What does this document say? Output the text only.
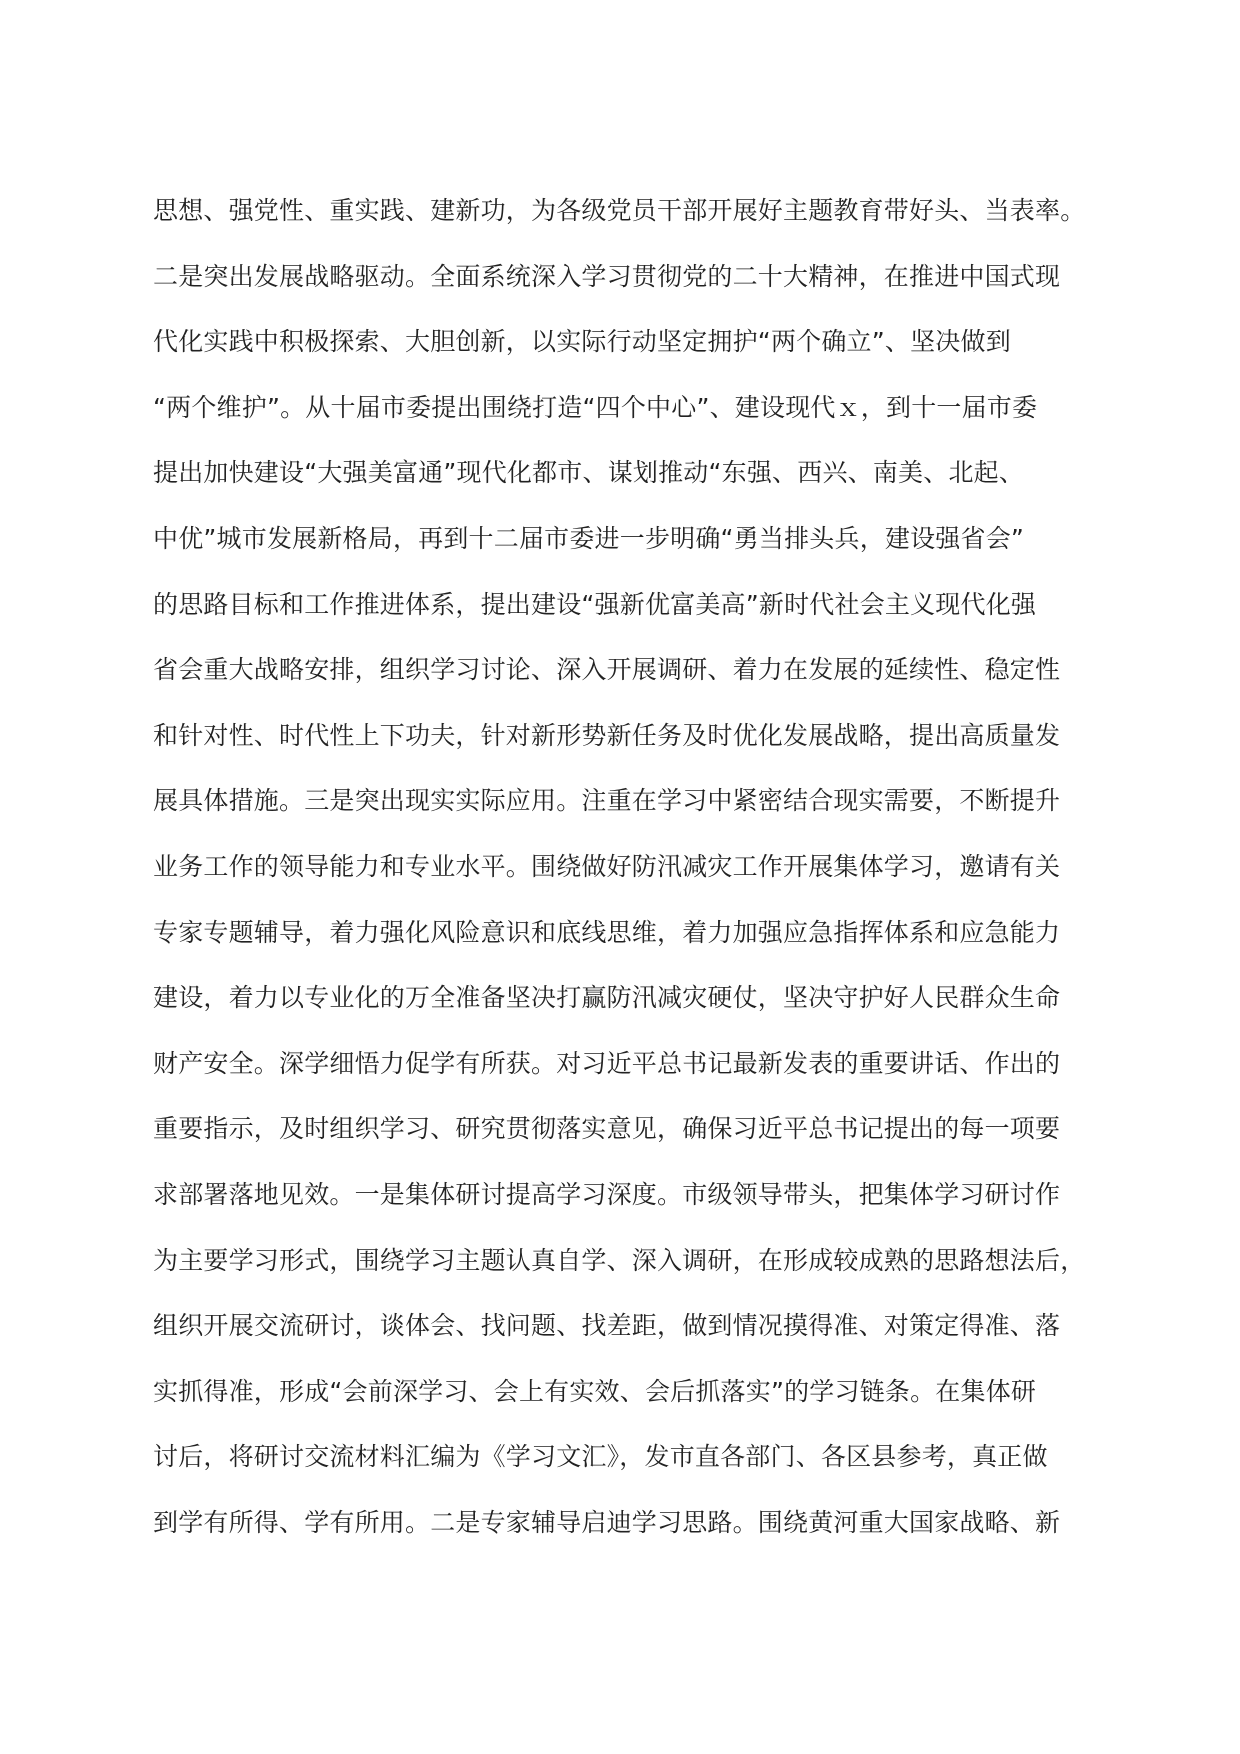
思想、强党性、重实践、建新功，为各级党员干部开展好主题教育带好头、当表率。
二是突出发展战略驱动。全面系统深入学习贯彻党的二十大精神，在推进中国式现
代化实践中积极探索、大胆创新，以实际行动坚定拥护“两个确立”、坚决做到
“两个维护”。从十届市委提出围绕打造“四个中心”、建设现代ｘ，到十一届市委
提出加快建设“大强美富通”现代化都市、谋划推动“东强、西兴、南美、北起、
中优”城市发展新格局，再到十二届市委进一步明确“勇当排头兵，建设强省会”
的思路目标和工作推进体系，提出建设“强新优富美高”新时代社会主义现代化强
省会重大战略安排，组织学习讨论、深入开展调研、着力在发展的延续性、稳定性
和针对性、时代性上下功夫，针对新形势新任务及时优化发展战略，提出高质量发
展具体措施。三是突出现实实际应用。注重在学习中紧密结合现实需要，不断提升
业务工作的领导能力和专业水平。围绕做好防汛减灾工作开展集体学习，邀请有关
专家专题辅导，着力强化风险意识和底线思维，着力加强应急指挥体系和应急能力
建设，着力以专业化的万全准备坚决打赢防汛减灾硬仗，坚决守护好人民群众生命
财产安全。深学细悟力促学有所获。对习近平总书记最新发表的重要讲话、作出的
重要指示，及时组织学习、研究贯彻落实意见，确保习近平总书记提出的每一项要
求部署落地见效。一是集体研讨提高学习深度。市级领导带头，把集体学习研讨作
为主要学习形式，围绕学习主题认真自学、深入调研，在形成较成熟的思路想法后，
组织开展交流研讨，谈体会、找问题、找差距，做到情况摸得准、对策定得准、落
实抓得准，形成“会前深学习、会上有实效、会后抓落实”的学习链条。在集体研
讨后，将研讨交流材料汇编为《学习文汇》，发市直各部门、各区县参考，真正做
到学有所得、学有所用。二是专家辅导启迪学习思路。围绕黄河重大国家战略、新
